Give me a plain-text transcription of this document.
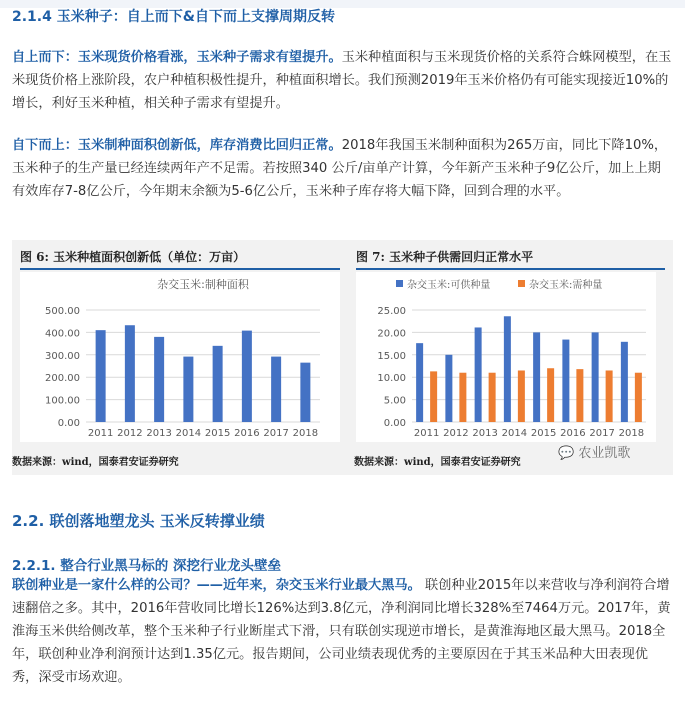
2.1.4 玉米种子：自上而下&自下而上支撑周期反转
自上而下：玉米现货价格看涨，玉米种子需求有望提升。玉米种植面积与玉米现货价格的关系符合蛛网模型，在玉米现货价格上涨阶段，农户种植积极性提升，种植面积增长。我们预测2019年玉米价格仍有可能实现接近10%的增长，利好玉米种植，相关种子需求有望提升。
自下而上：玉米制种面积创新低，库存消费比回归正常。2018年我国玉米制种面积为265万亩，同比下降10%，玉米种子的生产量已经连续两年产不足需。若按照340 公斤/亩单产计算，今年新产玉米种子9亿公斤，加上上期有效库存7-8亿公斤，今年期末余额为5-6亿公斤，玉米种子库存将大幅下降，回到合理的水平。
图 6: 玉米种植面积创新低（单位：万亩）
0.00
100.00
200.00
300.00
400.00
500.00
2011 2012 2013 2014 2015 2016 2017 2018
杂交玉米:制种面积
图 7: 玉米种子供需回归正常水平
0.00
5.00
10.00
15.00
20.00
25.00
2011 2012 2013 2014 2015 2016 2017 2018
杂交玉米:可供种量	杂交玉米:需种量
数据来源：wind，国泰君安证券研究	数据来源：wind，国泰君安证券研究
💬 农业凯歌
2.2. 联创落地塑龙头 玉米反转撑业绩
2.2.1. 整合行业黑马标的 深挖行业龙头壁垒
联创种业是一家什么样的公司？——近年来，杂交玉米行业最大黑马。 联创种业2015年以来营收与净利润符合增速翻倍之多。其中，2016年营收同比增长126%达到3.8亿元，净利润同比增长328%至7464万元。2017年，黄淮海玉米供给侧改革，整个玉米种子行业断崖式下滑，只有联创实现逆市增长，是黄淮海地区最大黑马。2018全年，联创种业净利润预计达到1.35亿元。报告期间，公司业绩表现优秀的主要原因在于其玉米品种大田表现优秀，深受市场欢迎。
